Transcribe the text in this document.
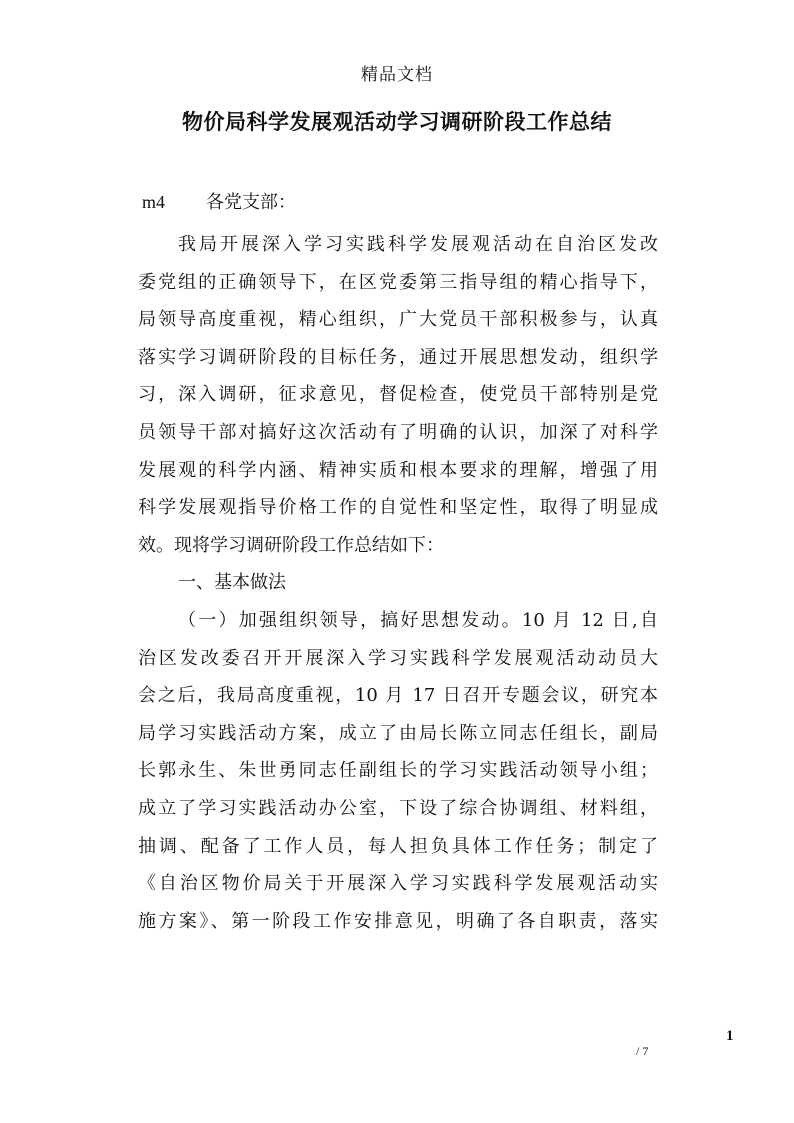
精品文档
物价局科学发展观活动学习调研阶段工作总结
m4 各党支部：
我局开展深入学习实践科学发展观活动在自治区发改
委党组的正确领导下，在区党委第三指导组的精心指导下，
局领导高度重视，精心组织，广大党员干部积极参与，认真
落实学习调研阶段的目标任务，通过开展思想发动，组织学
习，深入调研，征求意见，督促检查，使党员干部特别是党
员领导干部对搞好这次活动有了明确的认识，加深了对科学
发展观的科学内涵、精神实质和根本要求的理解，增强了用
科学发展观指导价格工作的自觉性和坚定性，取得了明显成
效。现将学习调研阶段工作总结如下：
一、基本做法
（一）加强组织领导，搞好思想发动。10 月 12 日,自
治区发改委召开开展深入学习实践科学发展观活动动员大
会之后，我局高度重视，10 月 17 日召开专题会议，研究本
局学习实践活动方案，成立了由局长陈立同志任组长，副局
长郭永生、朱世勇同志任副组长的学习实践活动领导小组；
成立了学习实践活动办公室，下设了综合协调组、材料组，
抽调、配备了工作人员，每人担负具体工作任务；制定了
《自治区物价局关于开展深入学习实践科学发展观活动实
施方案》、第一阶段工作安排意见，明确了各自职责，落实
1
/ 7
